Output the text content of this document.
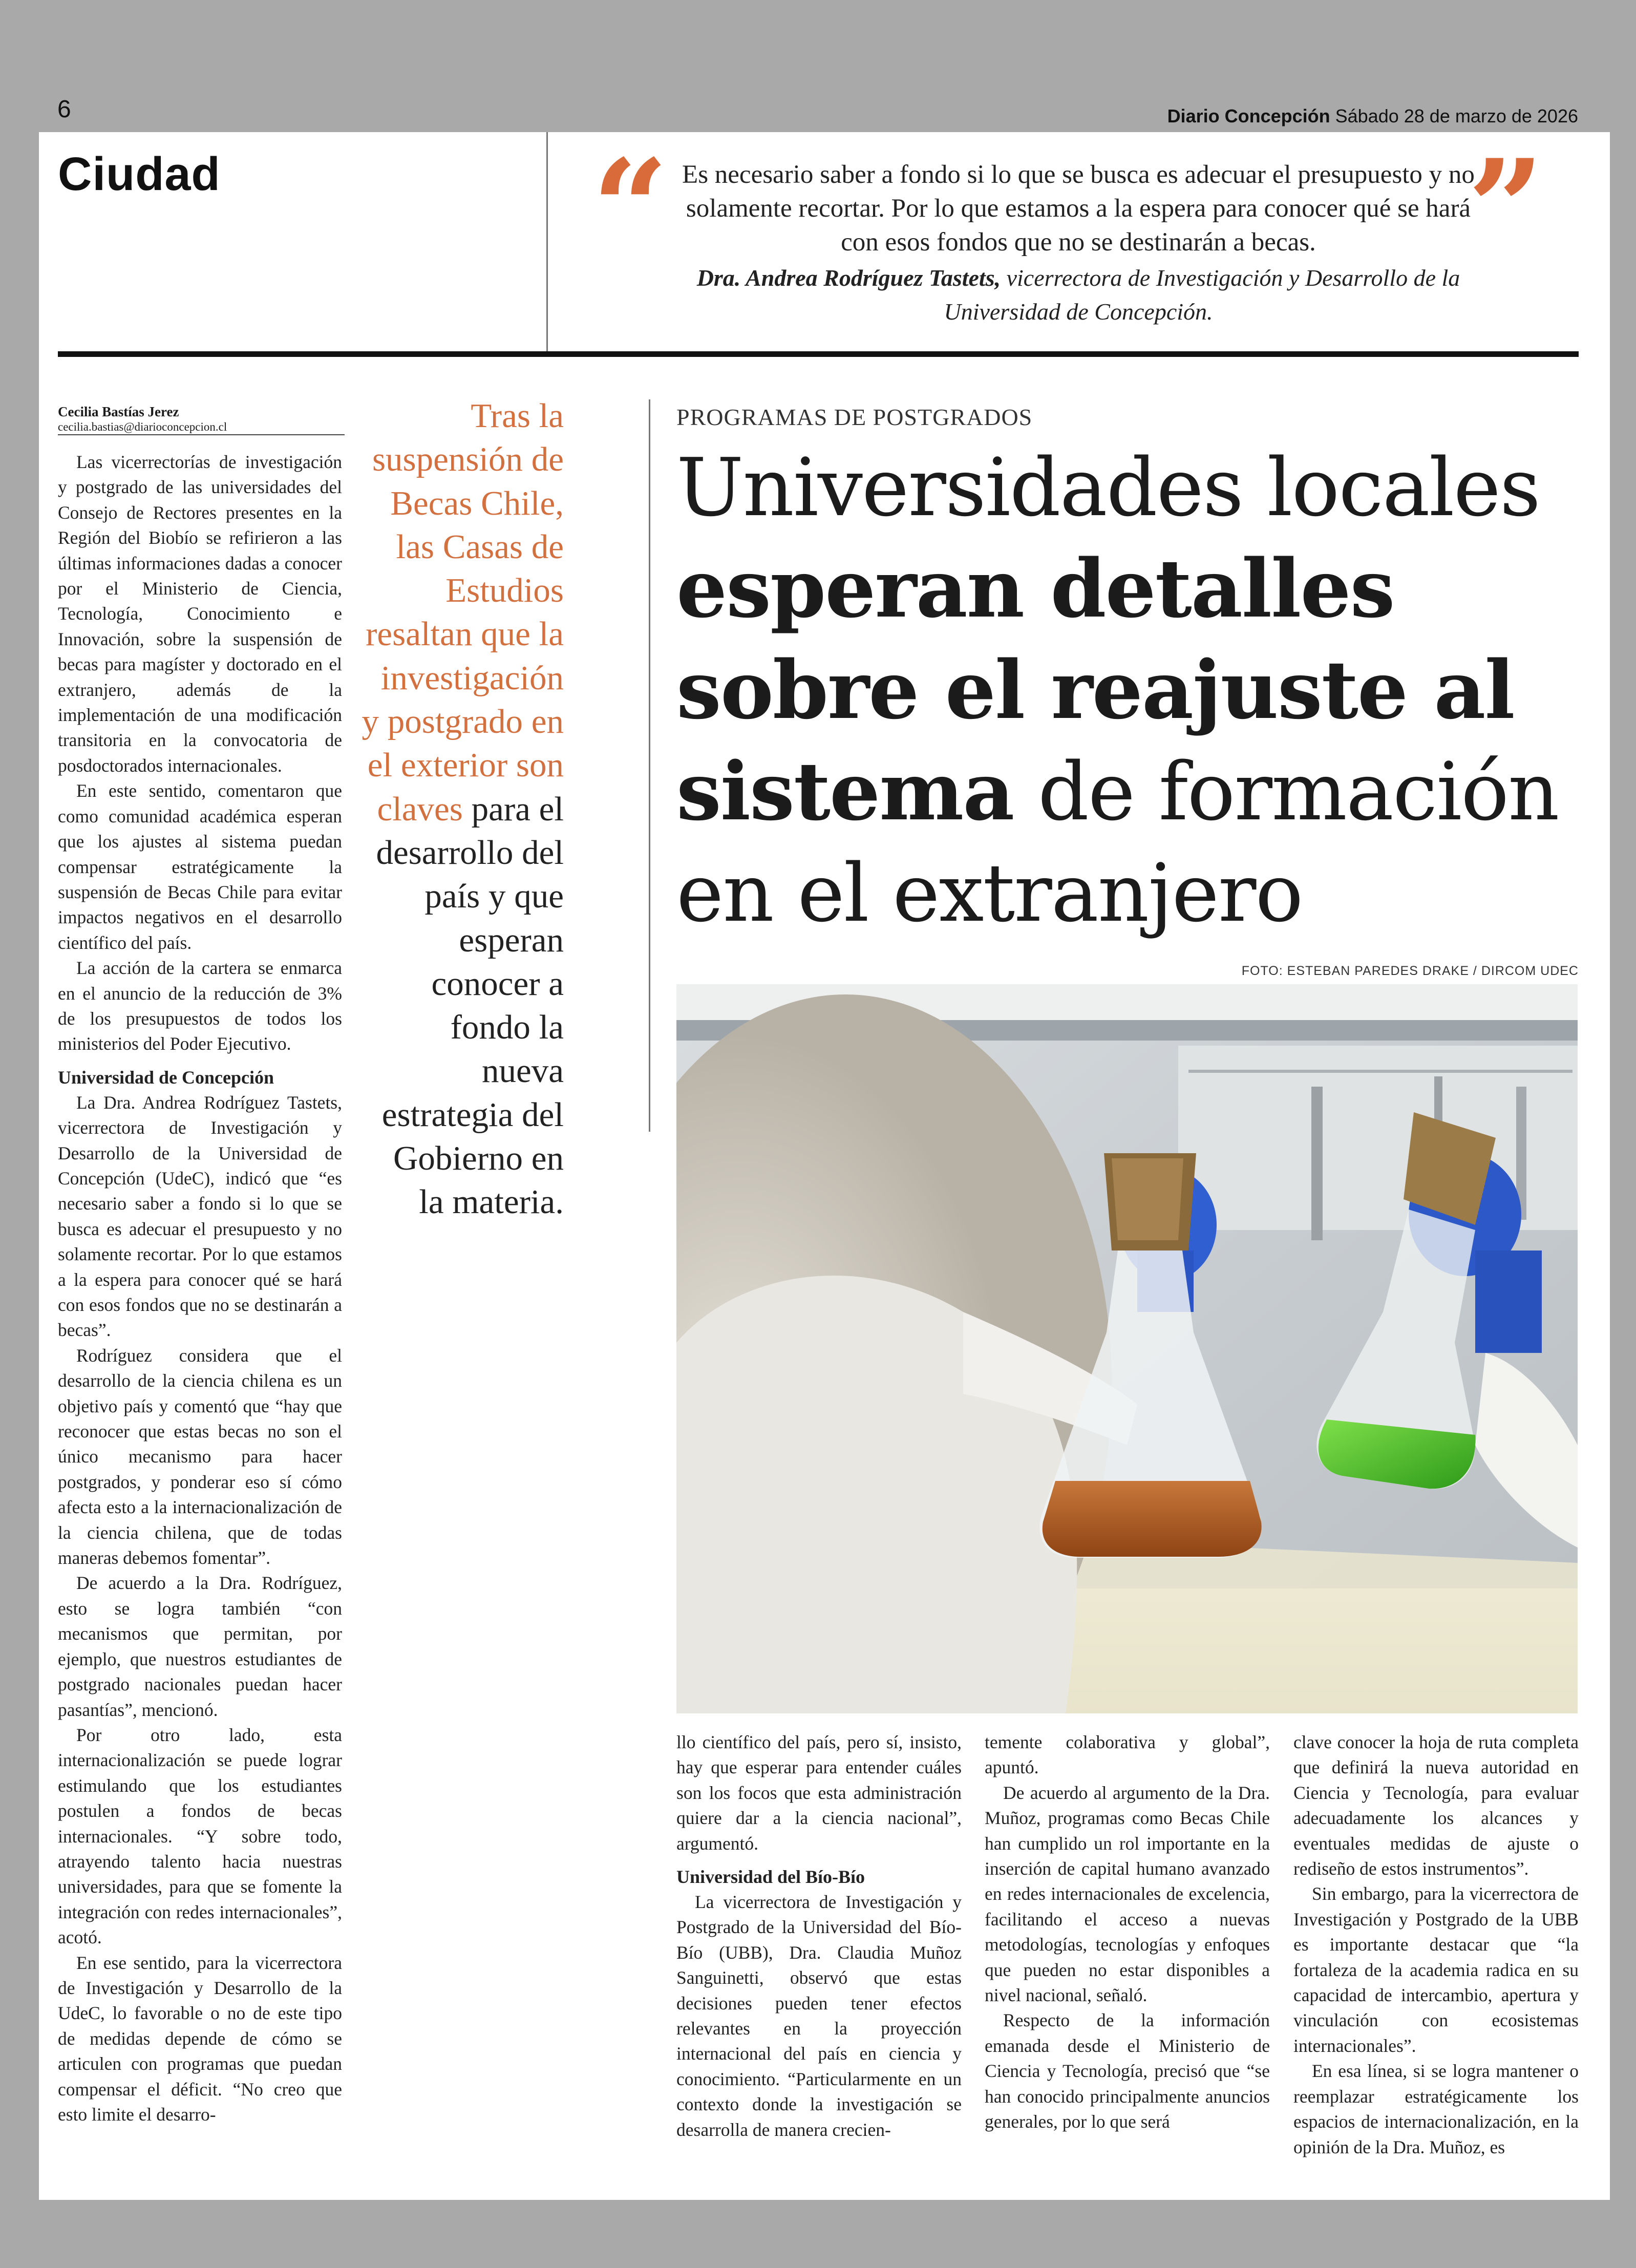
6	Diario Concepción Sábado 28 de marzo de 2026
Ciudad	“ Es necesario saber a fondo si lo que se busca es adecuar el presupuesto y no solamente recortar. Por lo que estamos a la espera para conocer qué se hará con esos fondos que no se destinarán a becas.
Dra. Andrea Rodríguez Tastets, vicerrectora de Investigación y Desarrollo de la Universidad de Concepción.
”
Cecilia Bastías Jerez
cecilia.bastias@diarioconcepcion.cl

Las vicerrectorías de investigación y postgrado de las universidades del Consejo de Rectores presentes en la Región del Biobío se refirieron a las últimas informaciones dadas a conocer por el Ministerio de Ciencia, Tecnología, Conocimiento e Innovación, sobre la suspensión de becas para magíster y doctorado en el extranjero, además de la implementación de una modificación transitoria en la convocatoria de posdoctorados internacionales.

En este sentido, comentaron que como comunidad académica esperan que los ajustes al sistema puedan compensar estratégicamente la suspensión de Becas Chile para evitar impactos negativos en el desarrollo científico del país.

La acción de la cartera se enmarca en el anuncio de la reducción de 3% de los presupuestos de todos los ministerios del Poder Ejecutivo.

Universidad de Concepción

La Dra. Andrea Rodríguez Tastets, vicerrectora de Investigación y Desarrollo de la Universidad de Concepción (UdeC), indicó que “es necesario saber a fondo si lo que se busca es adecuar el presupuesto y no solamente recortar. Por lo que estamos a la espera para conocer qué se hará con esos fondos que no se destinarán a becas”.

Rodríguez considera que el desarrollo de la ciencia chilena es un objetivo país y comentó que “hay que reconocer que estas becas no son el único mecanismo para hacer postgrados, y ponderar eso sí cómo afecta esto a la internacionalización de la ciencia chilena, que de todas maneras debemos fomentar”.

De acuerdo a la Dra. Rodríguez, esto se logra también “con mecanismos que permitan, por ejemplo, que nuestros estudiantes de postgrado nacionales puedan hacer pasantías”, mencionó.

Por otro lado, esta internacionalización se puede lograr estimulando que los estudiantes postulen a fondos de becas internacionales. “Y sobre todo, atrayendo talento hacia nuestras universidades, para que se fomente la integración con redes internacionales”, acotó.

En ese sentido, para la vicerrectora de Investigación y Desarrollo de la UdeC, lo favorable o no de este tipo de medidas depende de cómo se articulen con programas que puedan compensar el déficit. “No creo que esto limite el desarro-

Tras la suspensión de Becas Chile, las Casas de Estudios resaltan que la investigación y postgrado en el exterior son claves para el desarrollo del país y que esperan conocer a fondo la nueva estrategia del Gobierno en la materia.
PROGRAMAS DE POSTGRADOS
Universidades locales
esperan detalles sobre el reajuste al sistema de formación en el extranjero
FOTO: ESTEBAN PAREDES DRAKE / DIRCOM UDEC

llo científico del país, pero sí, insisto, hay que esperar para entender cuáles son los focos que esta administración quiere dar a la ciencia nacional”, argumentó.

Universidad del Bío-Bío

La vicerrectora de Investigación y Postgrado de la Universidad del Bío-Bío (UBB), Dra. Claudia Muñoz Sanguinetti, observó que estas decisiones pueden tener efectos relevantes en la proyección internacional del país en ciencia y conocimiento. “Particularmente en un contexto donde la investigación se desarrolla de manera crecien-

temente colaborativa y global”, apuntó.

De acuerdo al argumento de la Dra. Muñoz, programas como Becas Chile han cumplido un rol importante en la inserción de capital humano avanzado en redes internacionales de excelencia, facilitando el acceso a nuevas metodologías, tecnologías y enfoques que pueden no estar disponibles a nivel nacional, señaló.

Respecto de la información emanada desde el Ministerio de Ciencia y Tecnología, precisó que “se han conocido principalmente anuncios generales, por lo que será

clave conocer la hoja de ruta completa que definirá la nueva autoridad en Ciencia y Tecnología, para evaluar adecuadamente los alcances y eventuales medidas de ajuste o rediseño de estos instrumentos”.

Sin embargo, para la vicerrectora de Investigación y Postgrado de la UBB es importante destacar que “la fortaleza de la academia radica en su capacidad de intercambio, apertura y vinculación con ecosistemas internacionales”.

En esa línea, si se logra mantener o reemplazar estratégicamente los espacios de internacionalización, en la opinión de la Dra. Muñoz, es
